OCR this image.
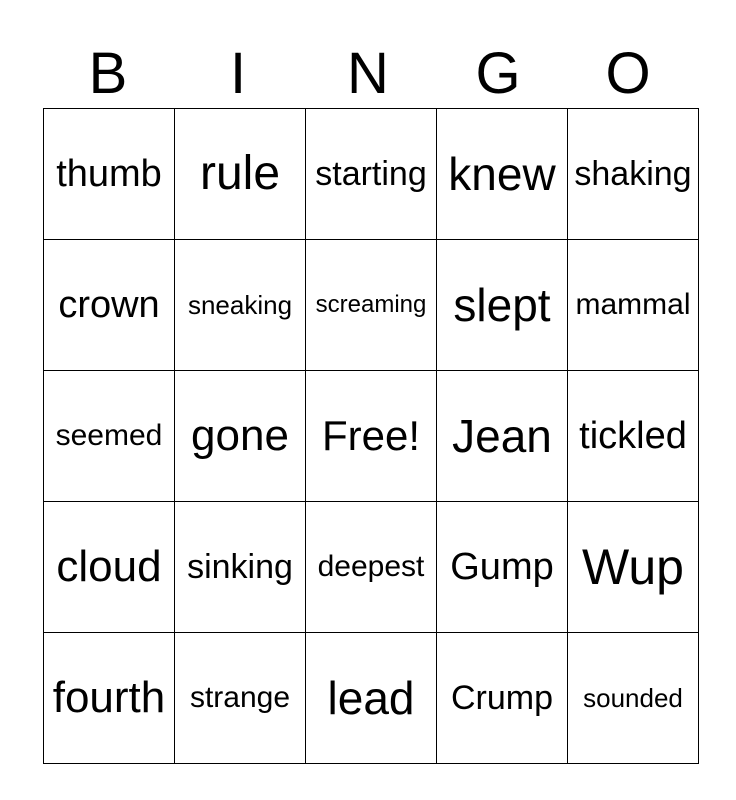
B	I	N	G	O
thumb	rule	starting	knew	shaking
crown	sneaking	screaming	slept	mammal
seemed	gone	Free!	Jean	tickled
cloud	sinking	deepest	Gump	Wup
fourth	strange	lead	Crump	sounded
